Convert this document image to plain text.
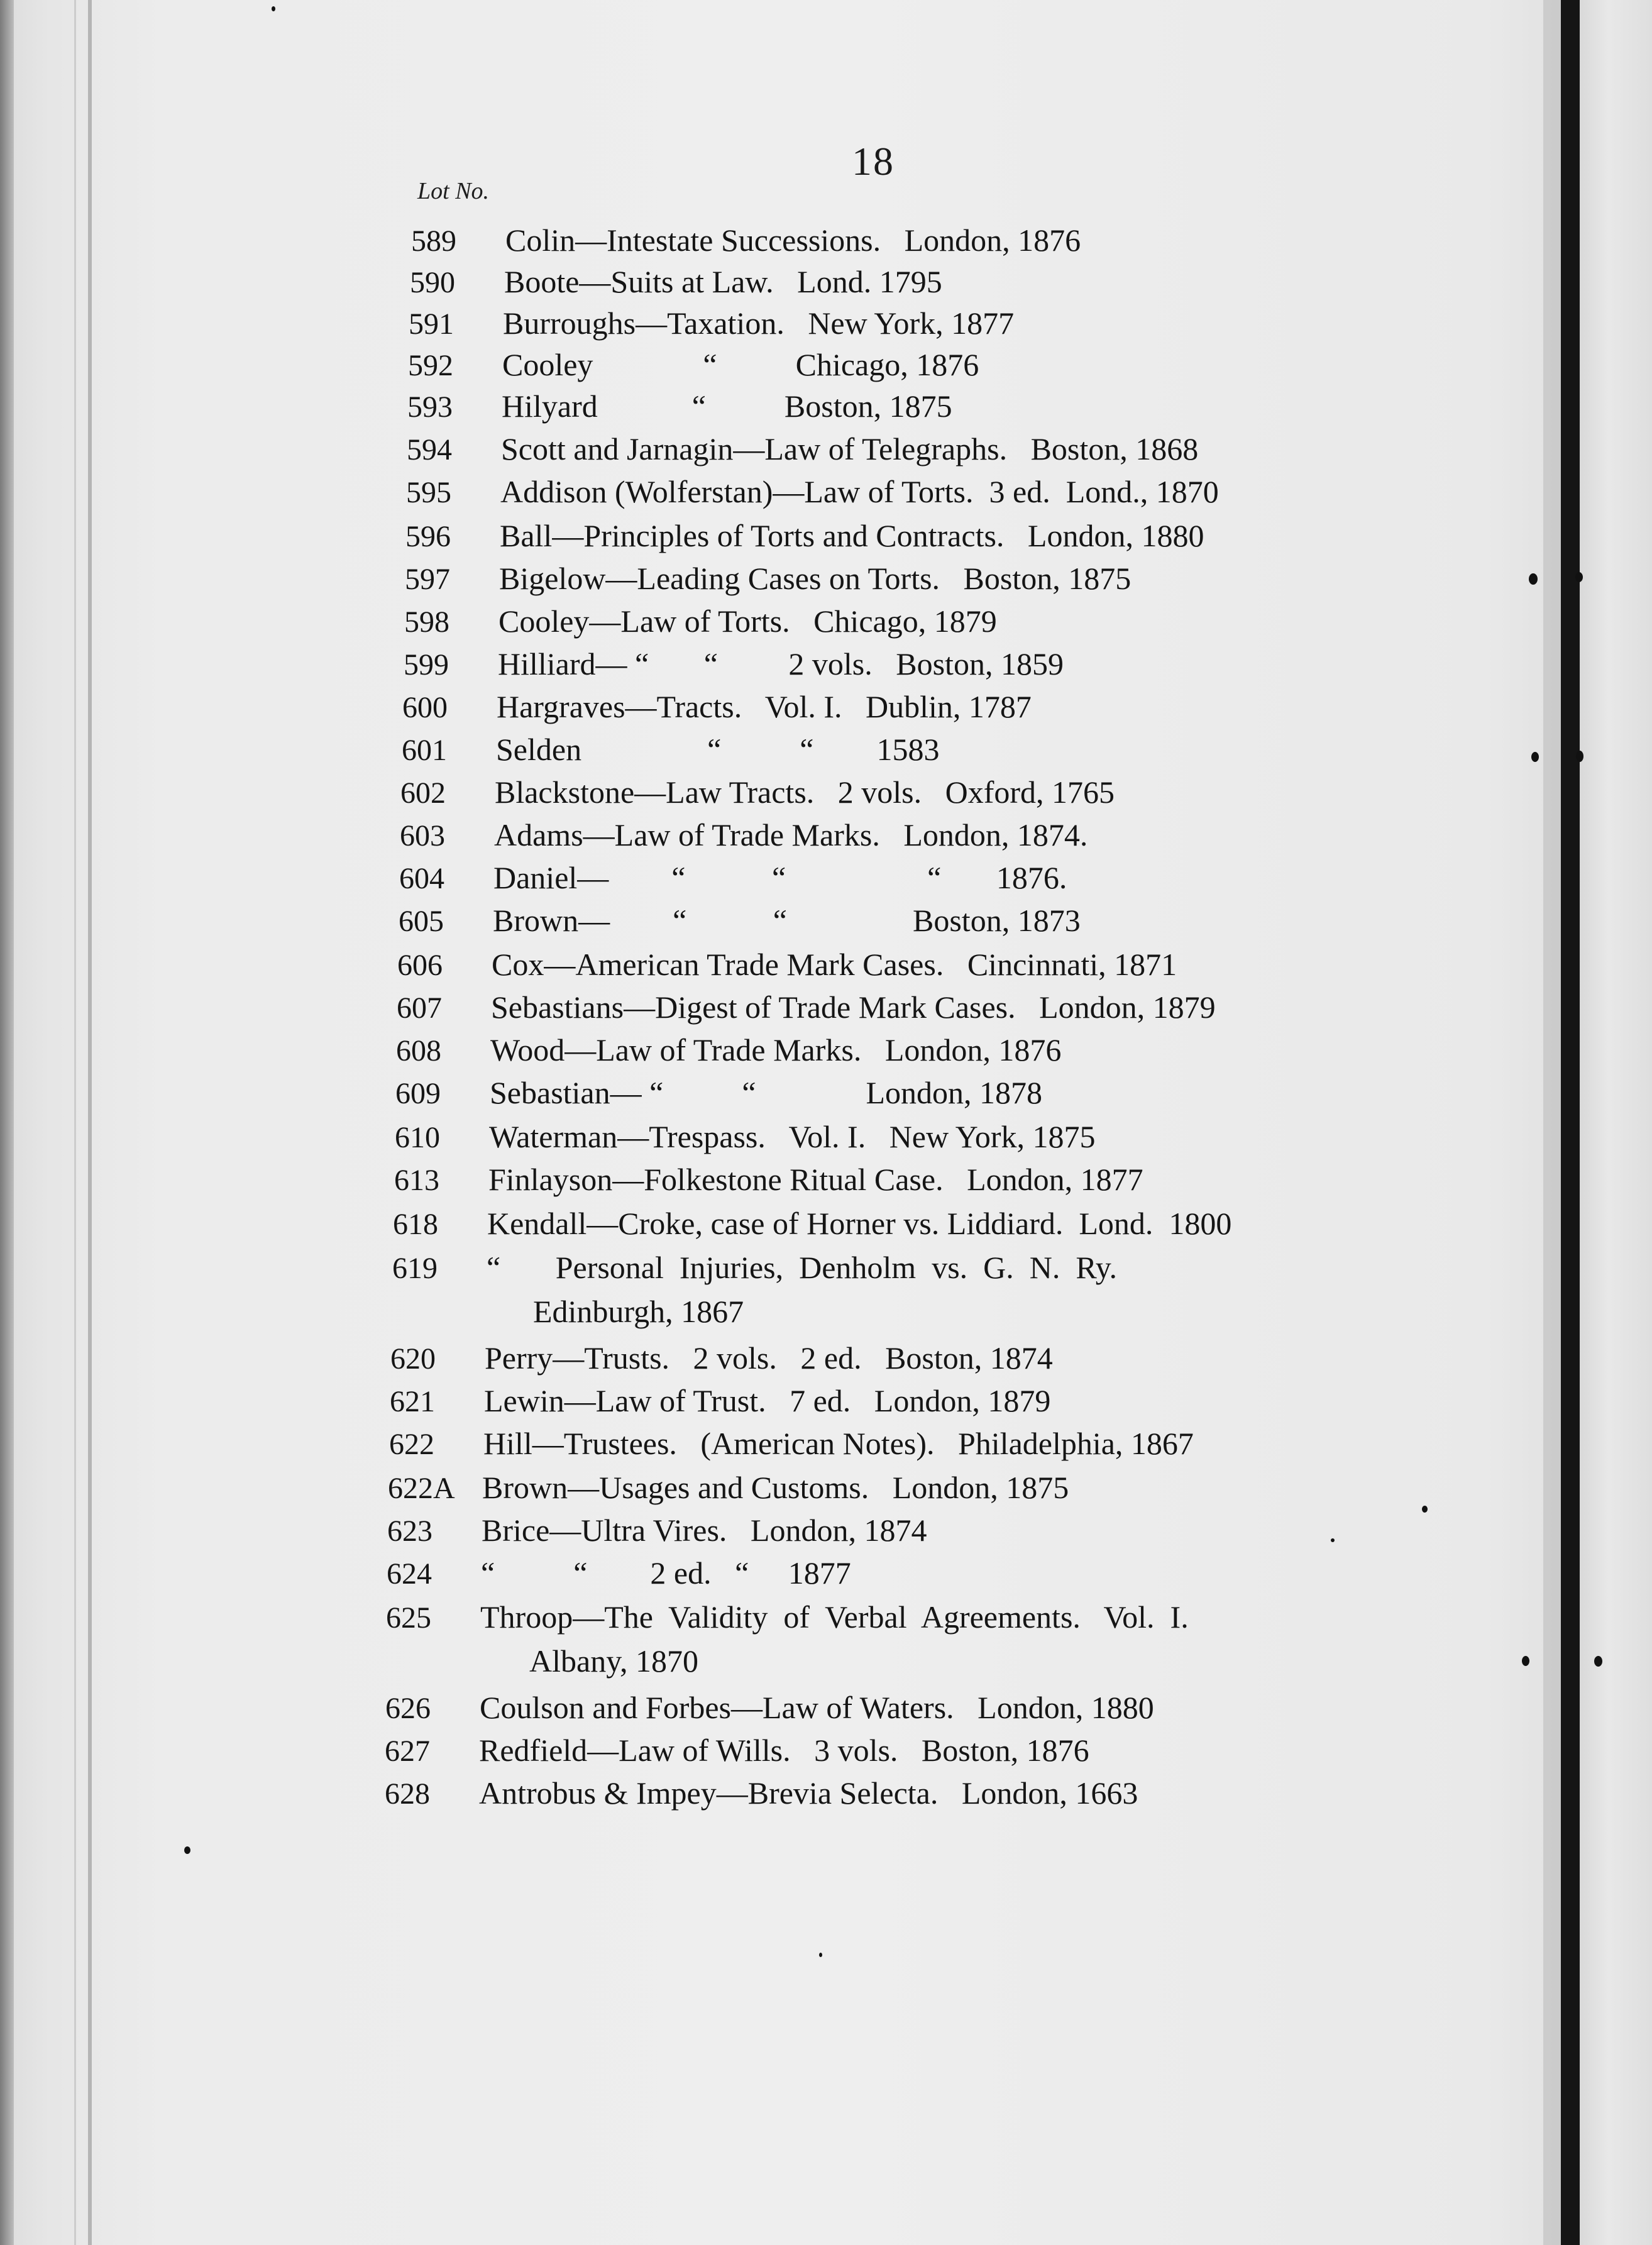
18
Lot No.
589 Colin—Intestate Successions.   London, 1876
590 Boote—Suits at Law.   Lond. 1795
591 Burroughs—Taxation.   New York, 1877
592 Cooley              “          Chicago, 1876
593 Hilyard            “          Boston, 1875
594 Scott and Jarnagin—Law of Telegraphs.   Boston, 1868
595 Addison (Wolferstan)—Law of Torts.  3 ed.  Lond., 1870
596 Ball—Principles of Torts and Contracts.   London, 1880
597 Bigelow—Leading Cases on Torts.   Boston, 1875
598 Cooley—Law of Torts.   Chicago, 1879
599 Hilliard— “       “         2 vols.   Boston, 1859
600 Hargraves—Tracts.   Vol. I.   Dublin, 1787
601 Selden                “          “        1583
602 Blackstone—Law Tracts.   2 vols.   Oxford, 1765
603 Adams—Law of Trade Marks.   London, 1874.
604 Daniel—        “           “                  “       1876.
605 Brown—        “           “                Boston, 1873
606 Cox—American Trade Mark Cases.   Cincinnati, 1871
607 Sebastians—Digest of Trade Mark Cases.   London, 1879
608 Wood—Law of Trade Marks.   London, 1876
609 Sebastian— “          “              London, 1878
610 Waterman—Trespass.   Vol. I.   New York, 1875
613 Finlayson—Folkestone Ritual Case.   London, 1877
618 Kendall—Croke, case of Horner vs. Liddiard.  Lond.  1800
619 “       Personal  Injuries,  Denholm  vs.  G.  N.  Ry.
Edinburgh, 1867
620 Perry—Trusts.   2 vols.   2 ed.   Boston, 1874
621 Lewin—Law of Trust.   7 ed.   London, 1879
622 Hill—Trustees.   (American Notes).   Philadelphia, 1867
622A Brown—Usages and Customs.   London, 1875
623 Brice—Ultra Vires.   London, 1874
624 “          “        2 ed.   “     1877
625 Throop—The  Validity  of  Verbal  Agreements.   Vol.  I.
Albany, 1870
626 Coulson and Forbes—Law of Waters.   London, 1880
627 Redfield—Law of Wills.   3 vols.   Boston, 1876
628 Antrobus & Impey—Brevia Selecta.   London, 1663
